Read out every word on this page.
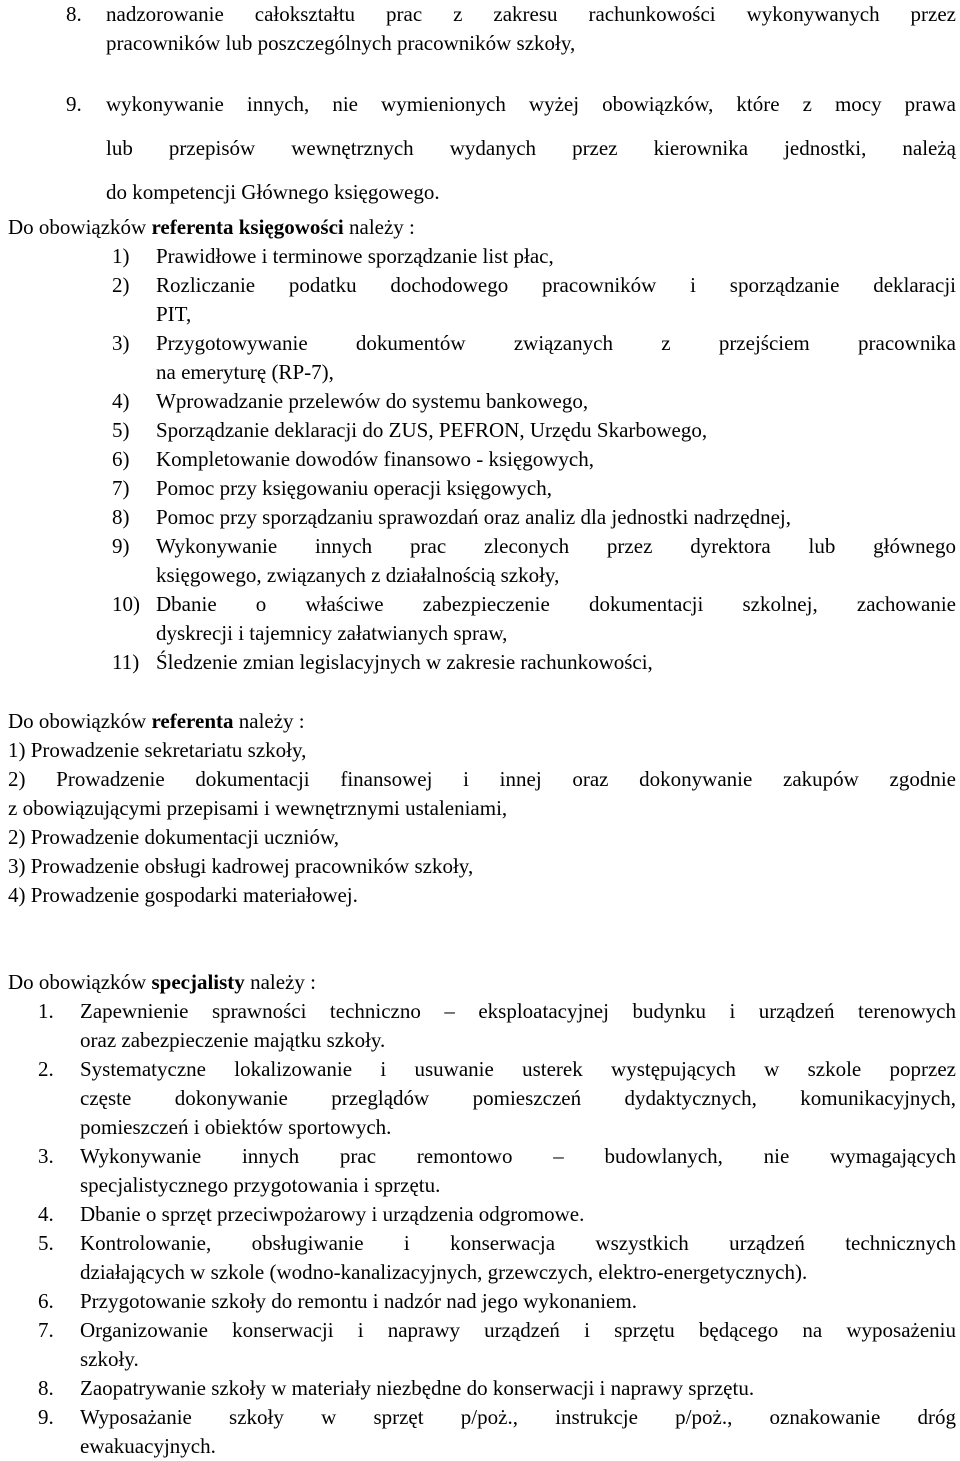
8. nadzorowanie całokształtu prac z zakresu rachunkowości wykonywanych przez
pracowników lub poszczególnych pracowników szkoły,
9. wykonywanie innych, nie wymienionych wyżej obowiązków, które z mocy prawa
lub przepisów wewnętrznych wydanych przez kierownika jednostki, należą
do kompetencji Głównego księgowego.
Do obowiązków referenta księgowości należy :
1) Prawidłowe i terminowe sporządzanie list płac,
2) Rozliczanie podatku dochodowego pracowników i sporządzanie deklaracji
PIT,
3) Przygotowywanie dokumentów związanych z przejściem pracownika
na emeryturę (RP-7),
4) Wprowadzanie przelewów do systemu bankowego,
5) Sporządzanie deklaracji do ZUS, PEFRON, Urzędu Skarbowego,
6) Kompletowanie dowodów finansowo - księgowych,
7) Pomoc przy księgowaniu operacji księgowych,
8) Pomoc przy sporządzaniu sprawozdań oraz analiz dla jednostki nadrzędnej,
9) Wykonywanie innych prac zleconych przez dyrektora lub głównego
księgowego, związanych z działalnością szkoły,
10) Dbanie o właściwe zabezpieczenie dokumentacji szkolnej, zachowanie
dyskrecji i tajemnicy załatwianych spraw,
11) Śledzenie zmian legislacyjnych w zakresie rachunkowości,
Do obowiązków referenta należy :
1) Prowadzenie sekretariatu szkoły,
2) Prowadzenie dokumentacji finansowej i innej oraz dokonywanie zakupów zgodnie
z obowiązującymi przepisami i wewnętrznymi ustaleniami,
2) Prowadzenie dokumentacji uczniów,
3) Prowadzenie obsługi kadrowej pracowników szkoły,
4) Prowadzenie gospodarki materiałowej.
Do obowiązków specjalisty należy :
1. Zapewnienie sprawności techniczno – eksploatacyjnej budynku i urządzeń terenowych
oraz zabezpieczenie majątku szkoły.
2. Systematyczne lokalizowanie i usuwanie usterek występujących w szkole poprzez
częste dokonywanie przeglądów pomieszczeń dydaktycznych, komunikacyjnych,
pomieszczeń i obiektów sportowych.
3. Wykonywanie innych prac remontowo – budowlanych, nie wymagających
specjalistycznego przygotowania i sprzętu.
4. Dbanie o sprzęt przeciwpożarowy i urządzenia odgromowe.
5. Kontrolowanie, obsługiwanie i konserwacja wszystkich urządzeń technicznych
działających w szkole (wodno-kanalizacyjnych, grzewczych, elektro-energetycznych).
6. Przygotowanie szkoły do remontu i nadzór nad jego wykonaniem.
7. Organizowanie konserwacji i naprawy urządzeń i sprzętu będącego na wyposażeniu
szkoły.
8. Zaopatrywanie szkoły w materiały niezbędne do konserwacji i naprawy sprzętu.
9. Wyposażanie szkoły w sprzęt p/poż., instrukcje p/poż., oznakowanie dróg
ewakuacyjnych.
